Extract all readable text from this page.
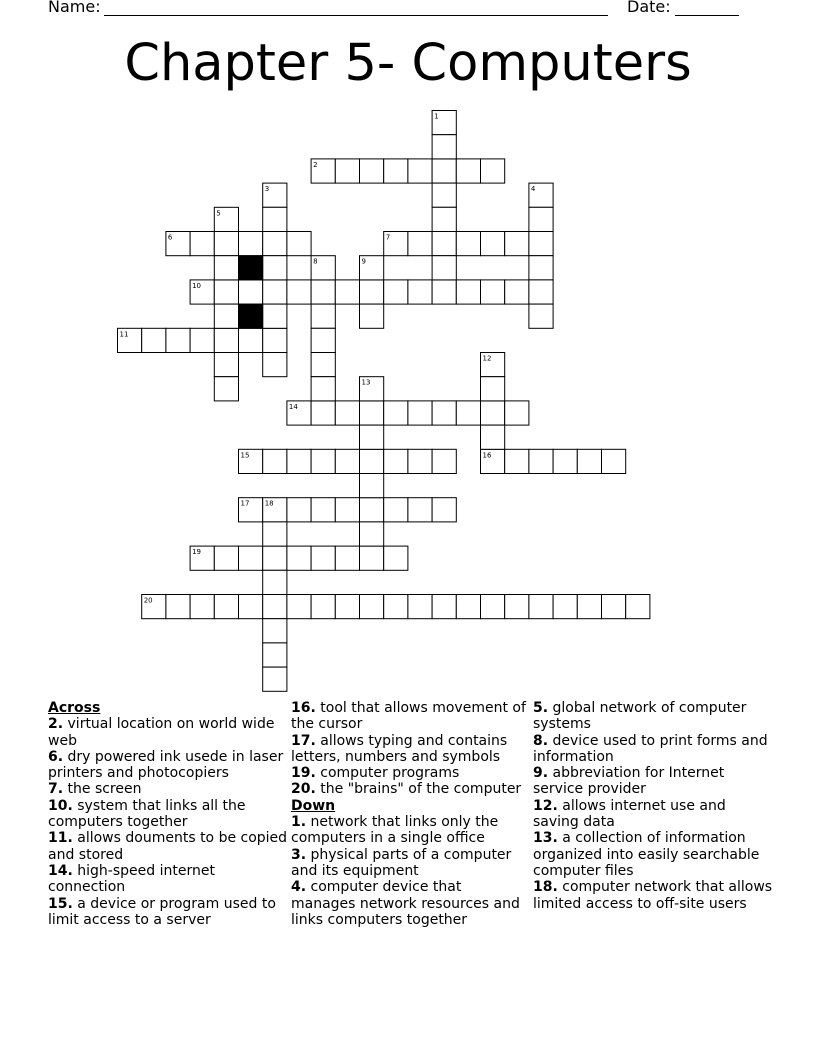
Name:	Date:
Chapter 5- Computers
1
2
3	4
5
6	7
8	9
10
11
12
13
14
15	16
17 18
19
20
Across
2. virtual location on world wide web
6. dry powered ink usede in laser printers and photocopiers
7. the screen
10. system that links all the computers together
11. allows douments to be copied and stored
14. high-speed internet connection
15. a device or program used to limit access to a server
16. tool that allows movement of the cursor
17. allows typing and contains letters, numbers and symbols
19. computer programs
20. the "brains" of the computer
Down
1. network that links only the computers in a single office
3. physical parts of a computer and its equipment
4. computer device that manages network resources and links computers together
5. global network of computer systems
8. device used to print forms and information
9. abbreviation for Internet service provider
12. allows internet use and saving data
13. a collection of information organized into easily searchable computer files
18. computer network that allows limited access to off-site users
